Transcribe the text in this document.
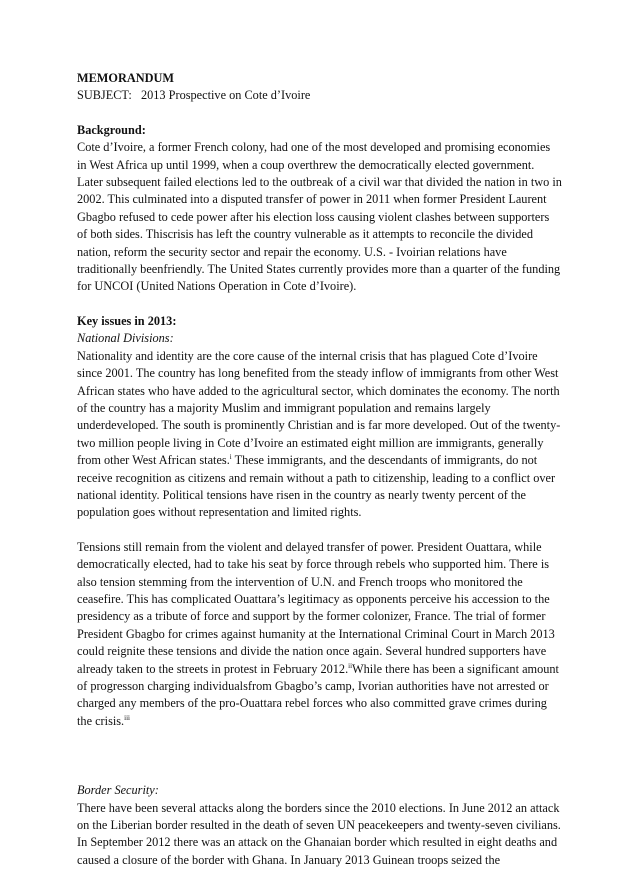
MEMORANDUM

SUBJECT: 2013 Prospective on Cote d’Ivoire

Background:

Cote d’Ivoire, a former French colony, had one of the most developed and promising economies in West Africa up until 1999, when a coup overthrew the democratically elected government. Later subsequent failed elections led to the outbreak of a civil war that divided the nation in two in 2002. This culminated into a disputed transfer of power in 2011 when former President Laurent Gbagbo refused to cede power after his election loss causing violent clashes between supporters of both sides. Thiscrisis has left the country vulnerable as it attempts to reconcile the divided nation, reform the security sector and repair the economy. U.S. - Ivoirian relations have traditionally beenfriendly. The United States currently provides more than a quarter of the funding for UNCOI (United Nations Operation in Cote d’Ivoire).

Key issues in 2013:

National Divisions:

Nationality and identity are the core cause of the internal crisis that has plagued Cote d’Ivoire since 2001. The country has long benefited from the steady inflow of immigrants from other West African states who have added to the agricultural sector, which dominates the economy. The north of the country has a majority Muslim and immigrant population and remains largely underdeveloped. The south is prominently Christian and is far more developed. Out of the twenty-two million people living in Cote d’Ivoire an estimated eight million are immigrants, generally from other West African states.$^i$ These immigrants, and the descendants of immigrants, do not receive recognition as citizens and remain without a path to citizenship, leading to a conflict over national identity. Political tensions have risen in the country as nearly twenty percent of the population goes without representation and limited rights.

Tensions still remain from the violent and delayed transfer of power. President Ouattara, while democratically elected, had to take his seat by force through rebels who supported him. There is also tension stemming from the intervention of U.N. and French troops who monitored the ceasefire. This has complicated Ouattara’s legitimacy as opponents perceive his accession to the presidency as a tribute of force and support by the former colonizer, France. The trial of former President Gbagbo for crimes against humanity at the International Criminal Court in March 2013 could reignite these tensions and divide the nation once again. Several hundred supporters have already taken to the streets in protest in February 2012.$^{ii}$While there has been a significant amount of progresson charging individualsfrom Gbagbo’s camp, Ivorian authorities have not arrested or charged any members of the pro-Ouattara rebel forces who also committed grave crimes during the crisis.$^{iii}$

Border Security:

There have been several attacks along the borders since the 2010 elections. In June 2012 an attack on the Liberian border resulted in the death of seven UN peacekeepers and twenty-seven civilians. In September 2012 there was an attack on the Ghanaian border which resulted in eight deaths and caused a closure of the border with Ghana. In January 2013 Guinean troops seized the
